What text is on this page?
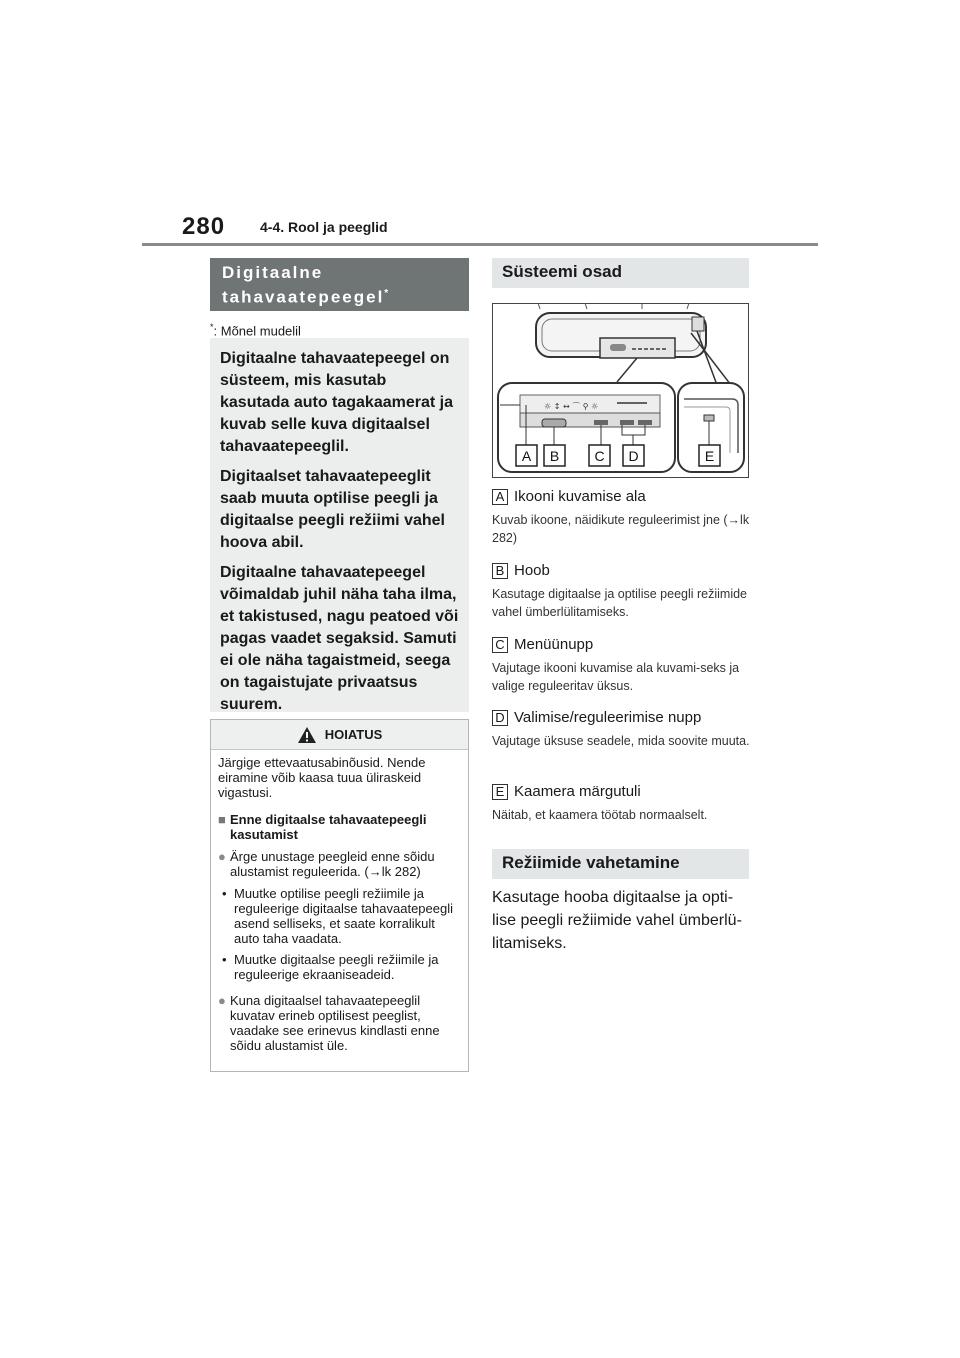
280 4-4. Rool ja peeglid
Digitaalne tahavaatepeegel*
*: Mõnel mudelil

Digitaalne tahavaatepeegel on süsteem, mis kasutab kasutada auto tagakaamerat ja kuvab selle kuva digitaalsel tahavaatepeeglil.

Digitaalset tahavaatepeeglit saab muuta optilise peegli ja digitaalse peegli režiimi vahel hoova abil.

Digitaalne tahavaatepeegel võimaldab juhil näha taha ilma, et takistused, nagu peatoed või pagas vaadet segaksid. Samuti ei ole näha tagaistmeid, seega on tagaistujate privaatsus suurem.

HOIATUS

Järgige ettevaatusabinõusid. Nende eiramine võib kaasa tuua üliraskeid vigastusi.

■ Enne digitaalse tahavaatepeegli kasutamist
● Ärge unustage peegleid enne sõidu alustamist reguleerida. (→lk 282)
• Muutke optilise peegli režiimile ja reguleerige digitaalse tahavaatepeegli asend selliseks, et saate korralikult auto taha vaadata.
• Muutke digitaalse peegli režiimile ja reguleerige ekraaniseadeid.
● Kuna digitaalsel tahavaatepeeglil kuvatav erineb optilisest peeglist, vaadake see erinevus kindlasti enne sõidu alustamist üle.
Süsteemi osad
☼ ↕ ↔ ⌒ ⚲ ☼
A B	C D	E
A Ikooni kuvamise ala
Kuvab ikoone, näidikute reguleerimist jne (→lk 282)
B Hoob
Kasutage digitaalse ja optilise peegli režiimide vahel ümberlülitamiseks.
C Menüünupp
Vajutage ikooni kuvamise ala kuvami-seks ja valige reguleeritav üksus.
D Valimise/reguleerimise nupp
Vajutage üksuse seadele, mida soovite muuta.
E Kaamera märgutuli
Näitab, et kaamera töötab normaalselt.
Režiimide vahetamine
Kasutage hooba digitaalse ja opti-lise peegli režiimide vahel ümberlü-litamiseks.
